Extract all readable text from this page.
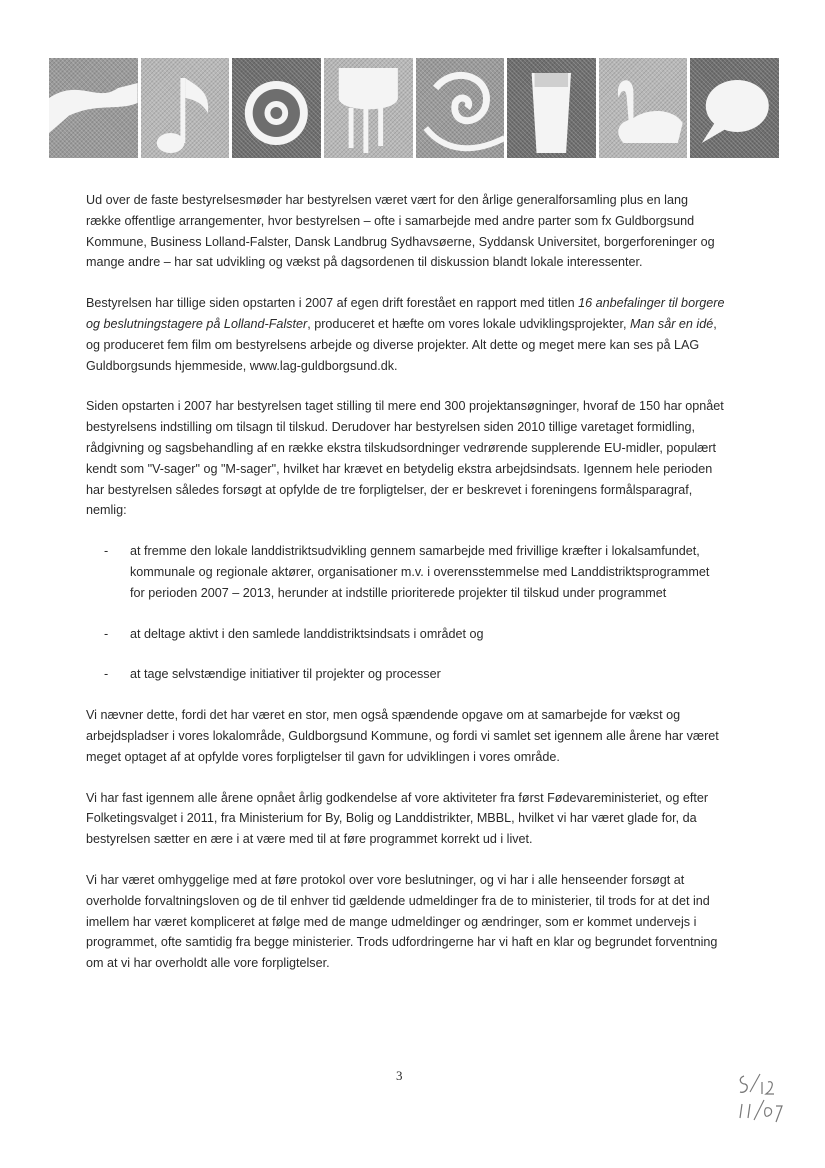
Ud over de faste bestyrelsesmøder har bestyrelsen været vært for den årlige generalforsamling plus en lang række offentlige arrangementer, hvor bestyrelsen – ofte i samarbejde med andre parter som fx Guldborgsund Kommune, Business Lolland-Falster, Dansk Landbrug Sydhavsøerne, Syddansk Universitet, borgerforeninger og mange andre – har sat udvikling og vækst på dagsordenen til diskussion blandt lokale interessenter.

Bestyrelsen har tillige siden opstarten i 2007 af egen drift forestået en rapport med titlen 16 anbefalinger til borgere og beslutningstagere på Lolland-Falster, produceret et hæfte om vores lokale udviklingsprojekter, Man sår en idé, og produceret fem film om bestyrelsens arbejde og diverse projekter. Alt dette og meget mere kan ses på LAG Guldborgsunds hjemmeside, www.lag-guldborgsund.dk.

Siden opstarten i 2007 har bestyrelsen taget stilling til mere end 300 projektansøgninger, hvoraf de 150 har opnået bestyrelsens indstilling om tilsagn til tilskud. Derudover har bestyrelsen siden 2010 tillige varetaget formidling, rådgivning og sagsbehandling af en række ekstra tilskudsordninger vedrørende supplerende EU-midler, populært kendt som "V-sager" og "M-sager", hvilket har krævet en betydelig ekstra arbejdsindsats. Igennem hele perioden har bestyrelsen således forsøgt at opfylde de tre forpligtelser, der er beskrevet i foreningens formålsparagraf, nemlig:

- at fremme den lokale landdistriktsudvikling gennem samarbejde med frivillige kræfter i lokalsamfundet, kommunale og regionale aktører, organisationer m.v. i overensstemmelse med Landdistriktsprogrammet for perioden 2007 – 2013, herunder at indstille prioriterede projekter til tilskud under programmet
- at deltage aktivt i den samlede landdistriktsindsats i området og
- at tage selvstændige initiativer til projekter og processer

Vi nævner dette, fordi det har været en stor, men også spændende opgave om at samarbejde for vækst og arbejdspladser i vores lokalområde, Guldborgsund Kommune, og fordi vi samlet set igennem alle årene har været meget optaget af at opfylde vores forpligtelser til gavn for udviklingen i vores område.

Vi har fast igennem alle årene opnået årlig godkendelse af vore aktiviteter fra først Fødevareministeriet, og efter Folketingsvalget i 2011, fra Ministerium for By, Bolig og Landdistrikter, MBBL, hvilket vi har været glade for, da bestyrelsen sætter en ære i at være med til at føre programmet korrekt ud i livet.

Vi har været omhyggelige med at føre protokol over vore beslutninger, og vi har i alle henseender forsøgt at overholde forvaltningsloven og de til enhver tid gældende udmeldinger fra de to ministerier, til trods for at det ind imellem har været kompliceret at følge med de mange udmeldinger og ændringer, som er kommet undervejs i programmet, ofte samtidig fra begge ministerier. Trods udfordringerne har vi haft en klar og begrundet forventning om at vi har overholdt alle vore forpligtelser.

3
